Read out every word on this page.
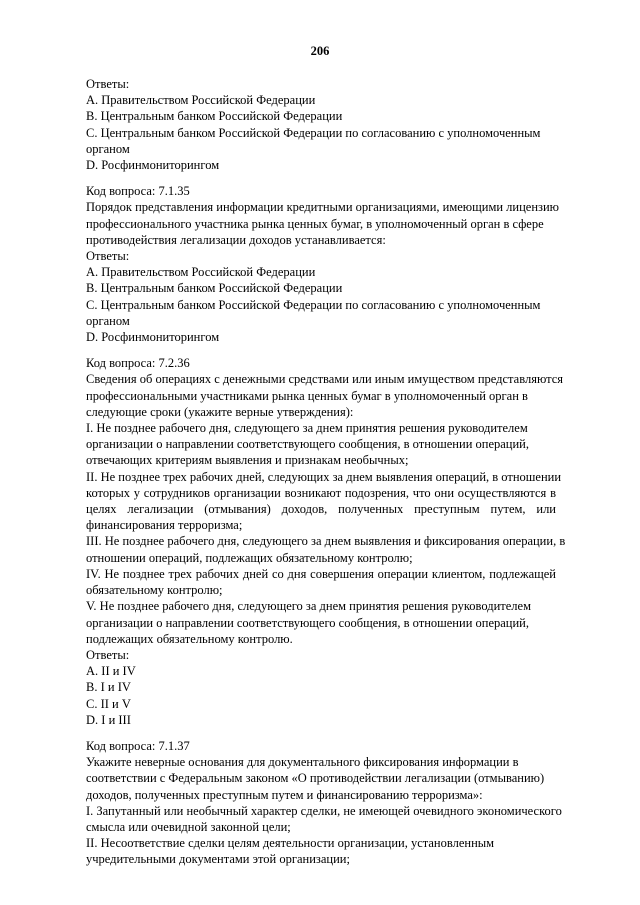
206
Ответы:
A. Правительством Российской Федерации
B. Центральным банком Российской Федерации
C. Центральным банком Российской Федерации по согласованию с уполномоченным
органом
D. Росфинмониторингом
Код вопроса: 7.1.35
Порядок представления информации кредитными организациями, имеющими лицензию
профессионального участника рынка ценных бумаг, в уполномоченный орган в сфере
противодействия легализации доходов устанавливается:
Ответы:
A. Правительством Российской Федерации
B. Центральным банком Российской Федерации
C. Центральным банком Российской Федерации по согласованию с уполномоченным
органом
D. Росфинмониторингом
Код вопроса: 7.2.36
Сведения об операциях с денежными средствами или иным имуществом представляются
профессиональными участниками рынка ценных бумаг в уполномоченный орган в
следующие сроки (укажите верные утверждения):
I. Не позднее рабочего дня, следующего за днем принятия решения руководителем
организации о направлении соответствующего сообщения, в отношении операций,
отвечающих критериям выявления и признакам необычных;
II. Не позднее трех рабочих дней, следующих за днем выявления операций, в отношении
которых у сотрудников организации возникают подозрения, что они осуществляются в
целях легализации (отмывания) доходов, полученных преступным путем, или
финансирования терроризма;
III. Не позднее рабочего дня, следующего за днем выявления и фиксирования операции, в
отношении операций, подлежащих обязательному контролю;
IV. Не позднее трех рабочих дней со дня совершения операции клиентом, подлежащей
обязательному контролю;
V. Не позднее рабочего дня, следующего за днем принятия решения руководителем
организации о направлении соответствующего сообщения, в отношении операций,
подлежащих обязательному контролю.
Ответы:
A. II и IV
B. I и IV
C. II и V
D. I и III
Код вопроса: 7.1.37
Укажите неверные основания для документального фиксирования информации в
соответствии с Федеральным законом «О противодействии легализации (отмыванию)
доходов, полученных преступным путем и финансированию терроризма»:
I. Запутанный или необычный характер сделки, не имеющей очевидного экономического
смысла или очевидной законной цели;
II. Несоответствие сделки целям деятельности организации, установленным
учредительными документами этой организации;
